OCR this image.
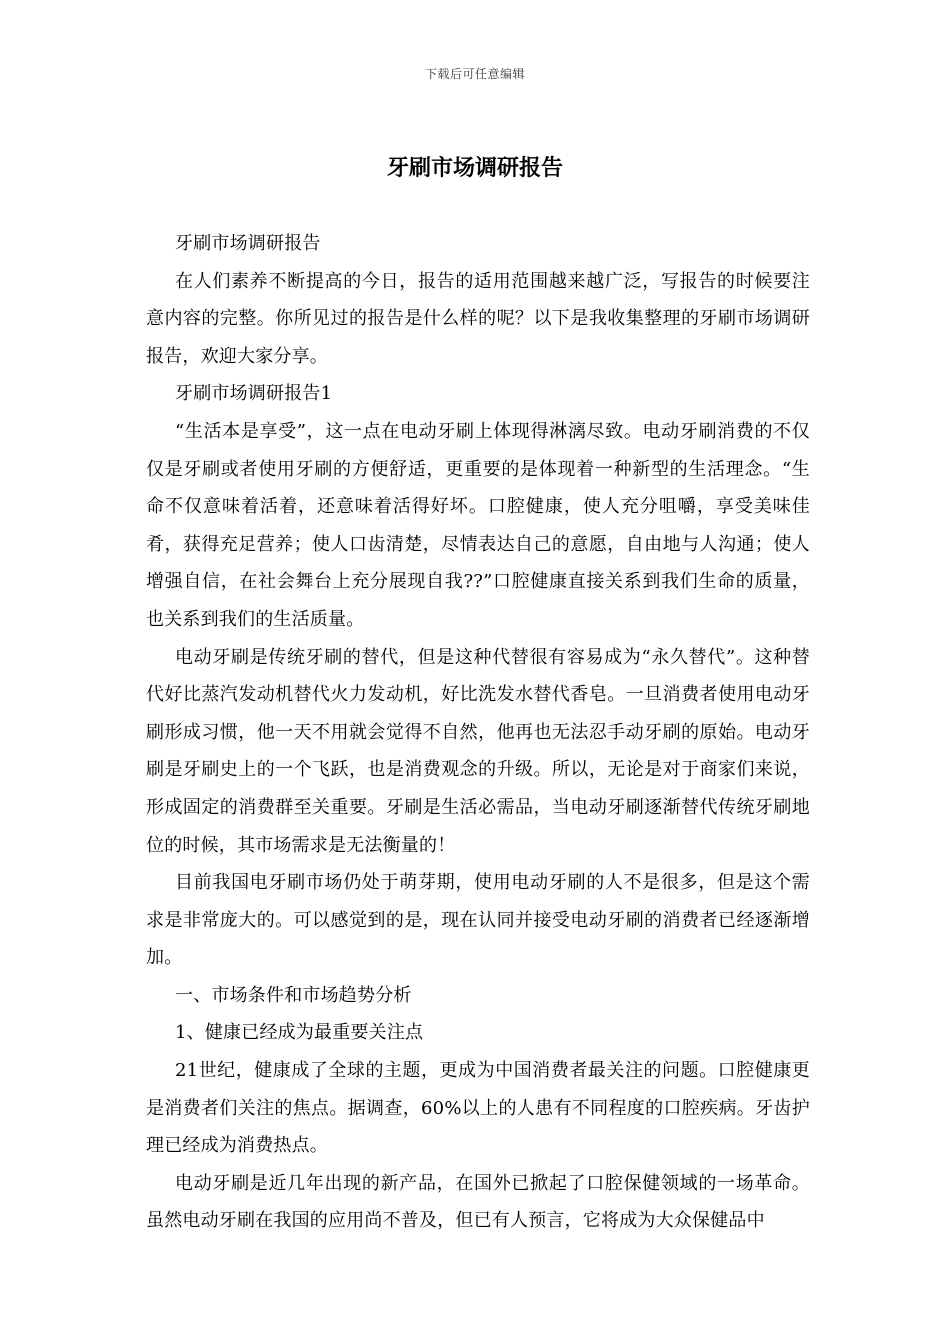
下载后可任意编辑
牙刷市场调研报告

牙刷市场调研报告

在人们素养不断提高的今日，报告的适用范围越来越广泛，写报告的时候要注意内容的完整。你所见过的报告是什么样的呢？以下是我收集整理的牙刷市场调研报告，欢迎大家分享。

牙刷市场调研报告1

“生活本是享受”，这一点在电动牙刷上体现得淋漓尽致。电动牙刷消费的不仅仅是牙刷或者使用牙刷的方便舒适，更重要的是体现着一种新型的生活理念。“生命不仅意味着活着，还意味着活得好坏。口腔健康，使人充分咀嚼，享受美味佳肴，获得充足营养；使人口齿清楚，尽情表达自己的意愿，自由地与人沟通；使人增强自信，在社会舞台上充分展现自我??”口腔健康直接关系到我们生命的质量，也关系到我们的生活质量。

电动牙刷是传统牙刷的替代，但是这种代替很有容易成为“永久替代”。这种替代好比蒸汽发动机替代火力发动机，好比洗发水替代香皂。一旦消费者使用电动牙刷形成习惯，他一天不用就会觉得不自然，他再也无法忍手动牙刷的原始。电动牙刷是牙刷史上的一个飞跃，也是消费观念的升级。所以，无论是对于商家们来说，形成固定的消费群至关重要。牙刷是生活必需品，当电动牙刷逐渐替代传统牙刷地位的时候，其市场需求是无法衡量的！

目前我国电牙刷市场仍处于萌芽期，使用电动牙刷的人不是很多，但是这个需求是非常庞大的。可以感觉到的是，现在认同并接受电动牙刷的消费者已经逐渐增加。

一、市场条件和市场趋势分析

1、健康已经成为最重要关注点

21世纪，健康成了全球的主题，更成为中国消费者最关注的问题。口腔健康更是消费者们关注的焦点。据调查，60%以上的人患有不同程度的口腔疾病。牙齿护理已经成为消费热点。

电动牙刷是近几年出现的新产品，在国外已掀起了口腔保健领域的一场革命。虽然电动牙刷在我国的应用尚不普及，但已有人预言，它将成为大众保健品中
